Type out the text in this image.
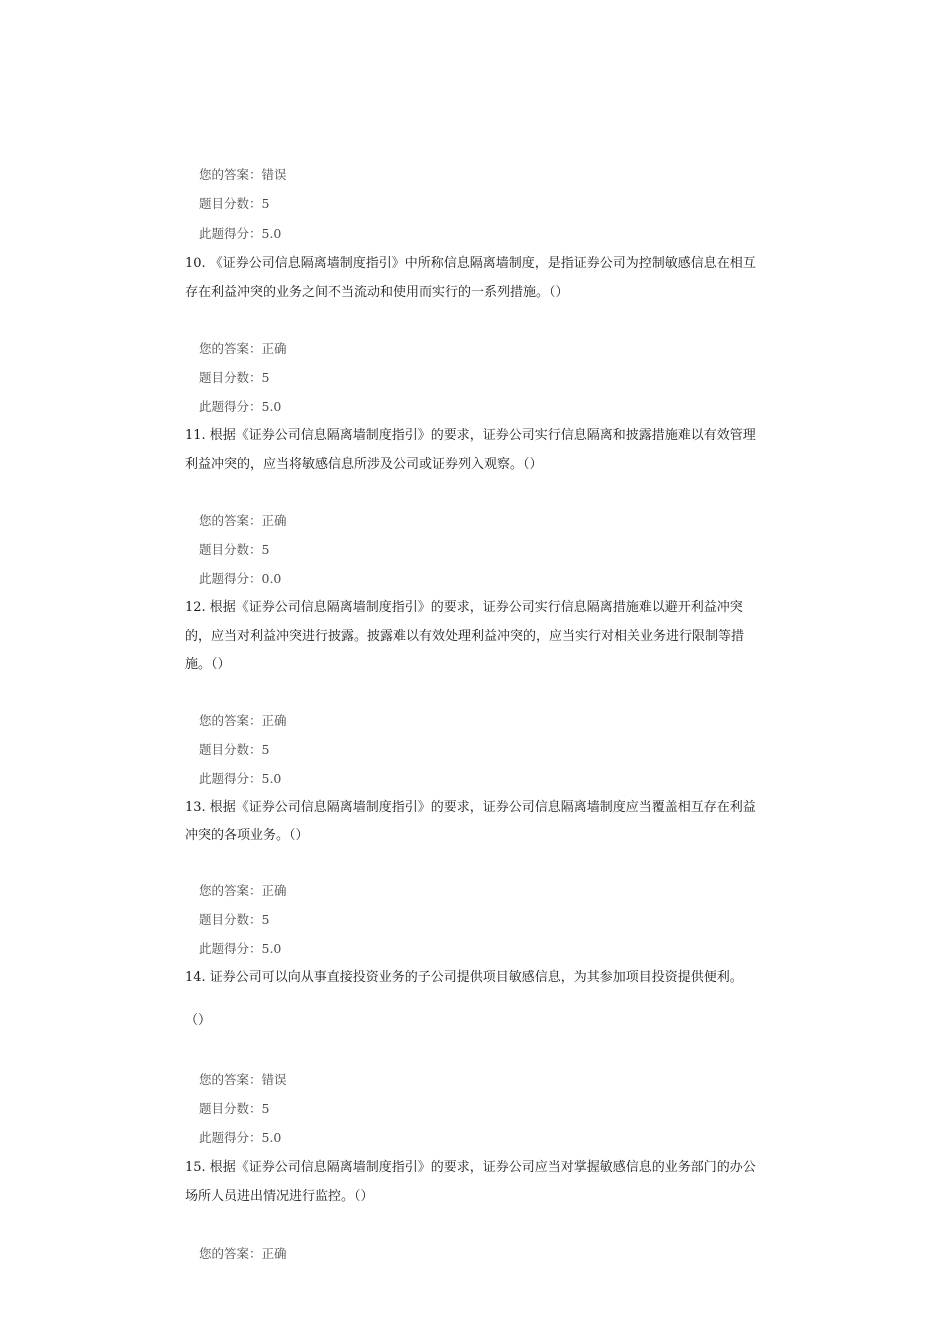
您的答案：错误
题目分数：5
此题得分：5.0
10. 《证券公司信息隔离墙制度指引》中所称信息隔离墙制度，是指证券公司为控制敏感信息在相互
存在利益冲突的业务之间不当流动和使用而实行的一系列措施。（）
您的答案：正确
题目分数：5
此题得分：5.0
11. 根据《证券公司信息隔离墙制度指引》的要求，证券公司实行信息隔离和披露措施难以有效管理
利益冲突的，应当将敏感信息所涉及公司或证券列入观察。（）
您的答案：正确
题目分数：5
此题得分：0.0
12. 根据《证券公司信息隔离墙制度指引》的要求，证券公司实行信息隔离措施难以避开利益冲突
的，应当对利益冲突进行披露。披露难以有效处理利益冲突的，应当实行对相关业务进行限制等措
施。（）
您的答案：正确
题目分数：5
此题得分：5.0
13. 根据《证券公司信息隔离墙制度指引》的要求，证券公司信息隔离墙制度应当覆盖相互存在利益
冲突的各项业务。（）
您的答案：正确
题目分数：5
此题得分：5.0
14. 证券公司可以向从事直接投资业务的子公司提供项目敏感信息，为其参加项目投资提供便利。
（）
您的答案：错误
题目分数：5
此题得分：5.0
15. 根据《证券公司信息隔离墙制度指引》的要求，证券公司应当对掌握敏感信息的业务部门的办公
场所人员进出情况进行监控。（）
您的答案：正确
